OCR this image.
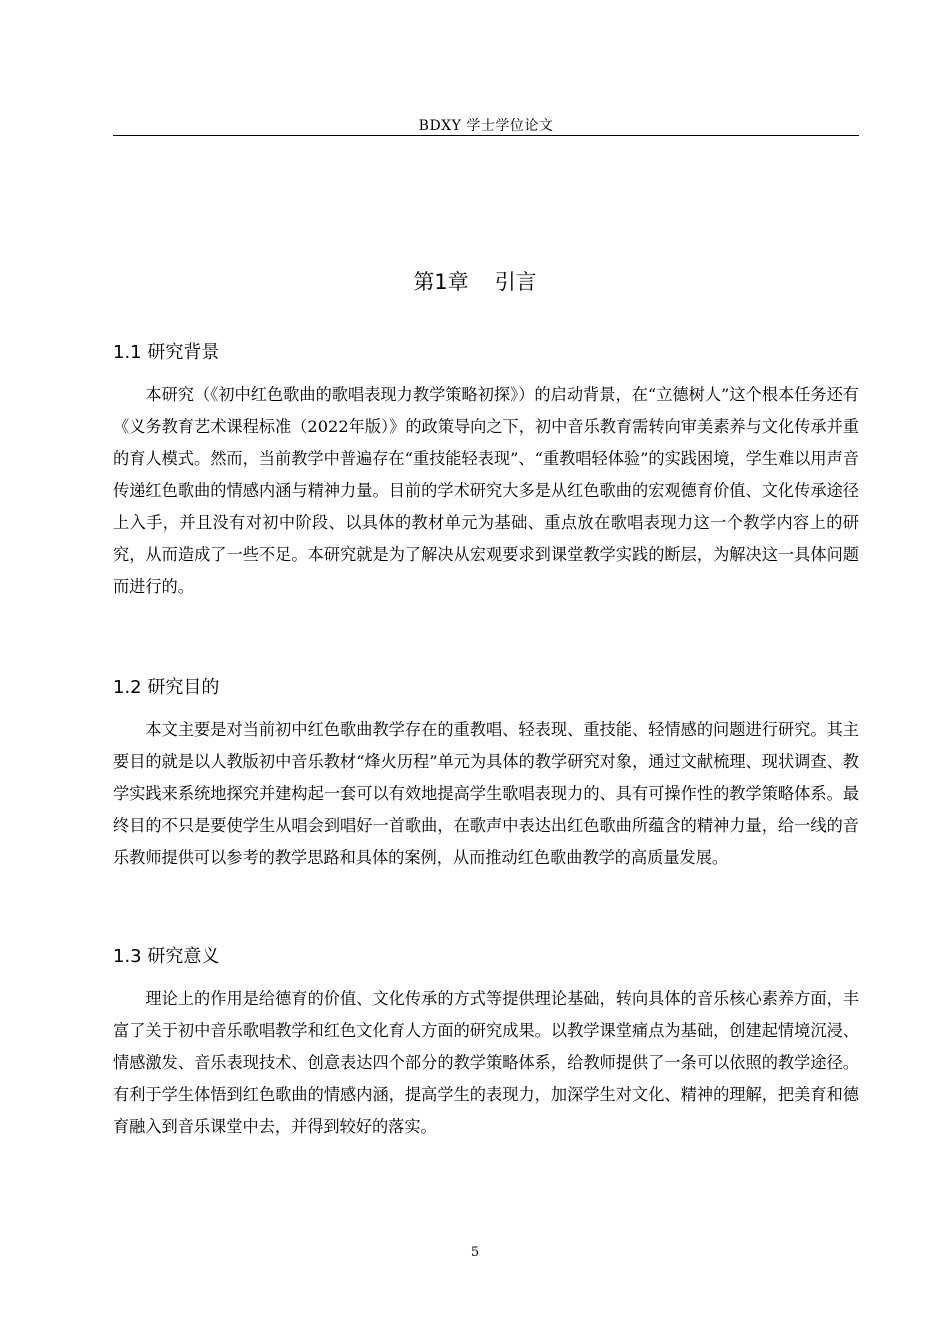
BDXY 学士学位论文
第1章 引言
1.1 研究背景

本研究（《初中红色歌曲的歌唱表现力教学策略初探》）的启动背景，在“立德树人”这个根本任务还有《义务教育艺术课程标准（2022年版）》的政策导向之下，初中音乐教育需转向审美素养与文化传承并重的育人模式。然而，当前教学中普遍存在“重技能轻表现”、“重教唱轻体验”的实践困境，学生难以用声音传递红色歌曲的情感内涵与精神力量。目前的学术研究大多是从红色歌曲的宏观德育价值、文化传承途径上入手，并且没有对初中阶段、以具体的教材单元为基础、重点放在歌唱表现力这一个教学内容上的研究，从而造成了一些不足。本研究就是为了解决从宏观要求到课堂教学实践的断层，为解决这一具体问题而进行的。

1.2 研究目的

本文主要是对当前初中红色歌曲教学存在的重教唱、轻表现、重技能、轻情感的问题进行研究。其主要目的就是以人教版初中音乐教材“烽火历程”单元为具体的教学研究对象，通过文献梳理、现状调查、教学实践来系统地探究并建构起一套可以有效地提高学生歌唱表现力的、具有可操作性的教学策略体系。最终目的不只是要使学生从唱会到唱好一首歌曲，在歌声中表达出红色歌曲所蕴含的精神力量，给一线的音乐教师提供可以参考的教学思路和具体的案例，从而推动红色歌曲教学的高质量发展。

1.3 研究意义

理论上的作用是给德育的价值、文化传承的方式等提供理论基础，转向具体的音乐核心素养方面，丰富了关于初中音乐歌唱教学和红色文化育人方面的研究成果。以教学课堂痛点为基础，创建起情境沉浸、情感激发、音乐表现技术、创意表达四个部分的教学策略体系，给教师提供了一条可以依照的教学途径。有利于学生体悟到红色歌曲的情感内涵，提高学生的表现力，加深学生对文化、精神的理解，把美育和德育融入到音乐课堂中去，并得到较好的落实。

5
